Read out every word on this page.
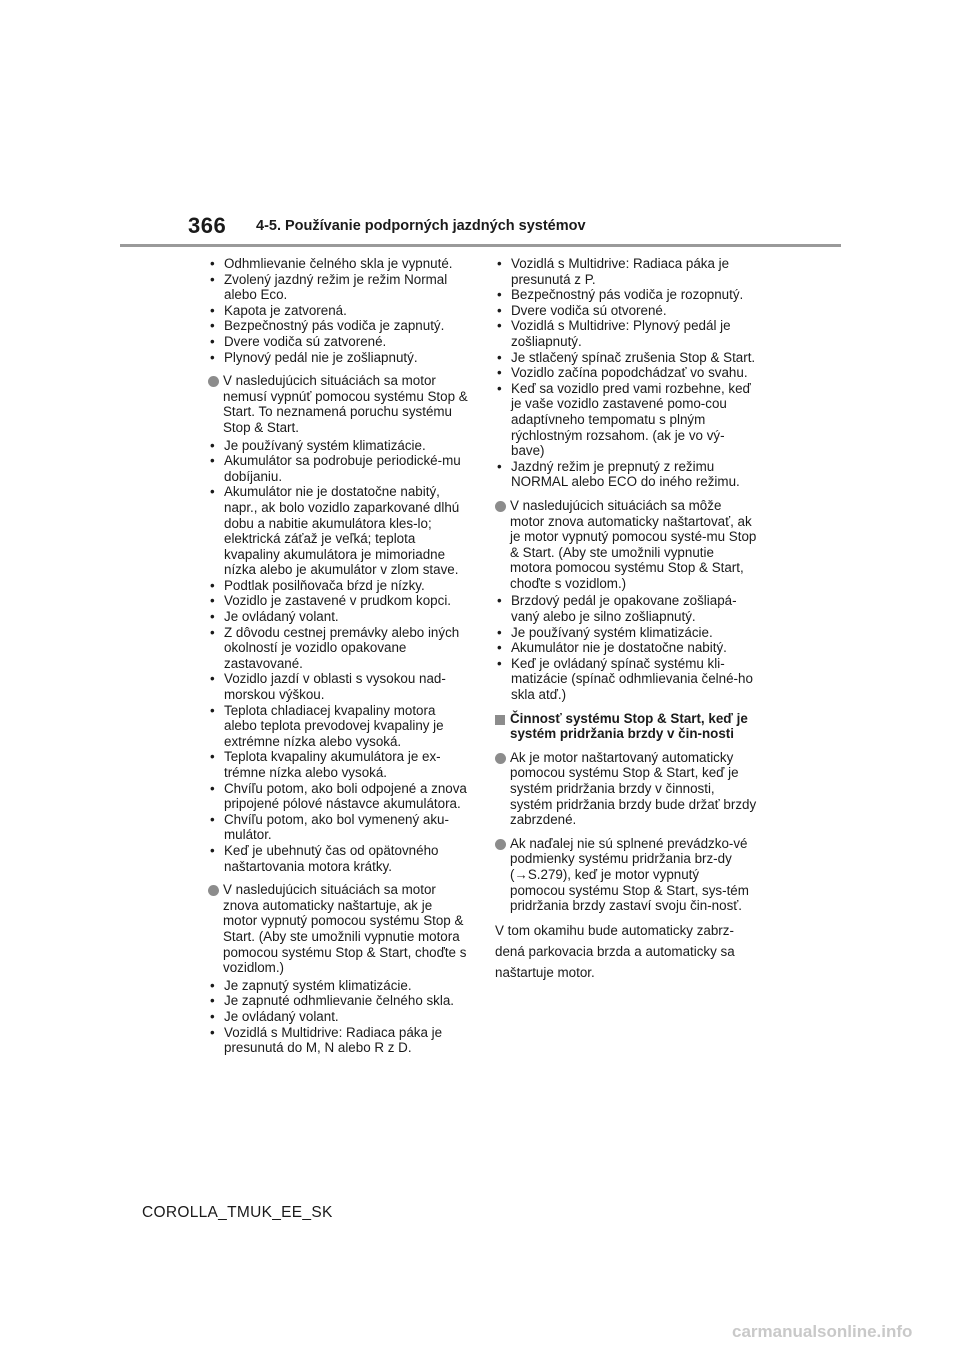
366 4-5. Používanie podporných jazdných systémov
• Odhmlievanie čelného skla je vypnuté.
• Zvolený jazdný režim je režim Normal alebo Eco.
• Kapota je zatvorená.
• Bezpečnostný pás vodiča je zapnutý.
• Dvere vodiča sú zatvorené.
• Plynový pedál nie je zošliapnutý.
V nasledujúcich situáciách sa motor nemusí vypnúť pomocou systému Stop & Start. To neznamená poruchu systému Stop & Start.
• Je používaný systém klimatizácie.
• Akumulátor sa podrobuje periodické-mu dobíjaniu.
• Akumulátor nie je dostatočne nabitý, napr., ak bolo vozidlo zaparkované dlhú dobu a nabitie akumulátora kles-lo; elektrická záťaž je veľká; teplota kvapaliny akumulátora je mimoriadne nízka alebo je akumulátor v zlom stave.
• Podtlak posilňovača bŕzd je nízky.
• Vozidlo je zastavené v prudkom kopci.
• Je ovládaný volant.
• Z dôvodu cestnej premávky alebo iných okolností je vozidlo opakovane zastavované.
• Vozidlo jazdí v oblasti s vysokou nad-morskou výškou.
• Teplota chladiacej kvapaliny motora alebo teplota prevodovej kvapaliny je extrémne nízka alebo vysoká.
• Teplota kvapaliny akumulátora je ex-trémne nízka alebo vysoká.
• Chvíľu potom, ako boli odpojené a znova pripojené pólové nástavce akumulátora.
• Chvíľu potom, ako bol vymenený aku-mulátor.
• Keď je ubehnutý čas od opätovného naštartovania motora krátky.
V nasledujúcich situáciách sa motor znova automaticky naštartuje, ak je motor vypnutý pomocou systému Stop & Start. (Aby ste umožnili vypnutie motora pomocou systému Stop & Start, choďte s vozidlom.)
• Je zapnutý systém klimatizácie.
• Je zapnuté odhmlievanie čelného skla.
• Je ovládaný volant.
• Vozidlá s Multidrive: Radiaca páka je presunutá do M, N alebo R z D.
• Vozidlá s Multidrive: Radiaca páka je presunutá z P.
• Bezpečnostný pás vodiča je rozopnutý.
• Dvere vodiča sú otvorené.
• Vozidlá s Multidrive: Plynový pedál je zošliapnutý.
• Je stlačený spínač zrušenia Stop & Start.
• Vozidlo začína popodchádzať vo svahu.
• Keď sa vozidlo pred vami rozbehne, keď je vaše vozidlo zastavené pomo-cou adaptívneho tempomatu s plným rýchlostným rozsahom. (ak je vo vý-bave)
• Jazdný režim je prepnutý z režimu NORMAL alebo ECO do iného režimu.
V nasledujúcich situáciách sa môže motor znova automaticky naštartovať, ak je motor vypnutý pomocou systé-mu Stop & Start. (Aby ste umožnili vypnutie motora pomocou systému Stop & Start, choďte s vozidlom.)
• Brzdový pedál je opakovane zošliapá-vaný alebo je silno zošliapnutý.
• Je používaný systém klimatizácie.
• Akumulátor nie je dostatočne nabitý.
• Keď je ovládaný spínač systému kli-matizácie (spínač odhmlievania čelné-ho skla atď.)
Činnosť systému Stop & Start, keď je systém pridržania brzdy v čin-nosti
Ak je motor naštartovaný automaticky pomocou systému Stop & Start, keď je systém pridržania brzdy v činnosti, systém pridržania brzdy bude držať brzdy zabrzdené.
Ak naďalej nie sú splnené prevádzko-vé podmienky systému pridržania brz-dy (→S.279), keď je motor vypnutý pomocou systému Stop & Start, sys-tém pridržania brzdy zastaví svoju čin-nosť.
V tom okamihu bude automaticky zabrz-dená parkovacia brzda a automaticky sa naštartuje motor.
COROLLA_TMUK_EE_SK
carmanualsonline.info
